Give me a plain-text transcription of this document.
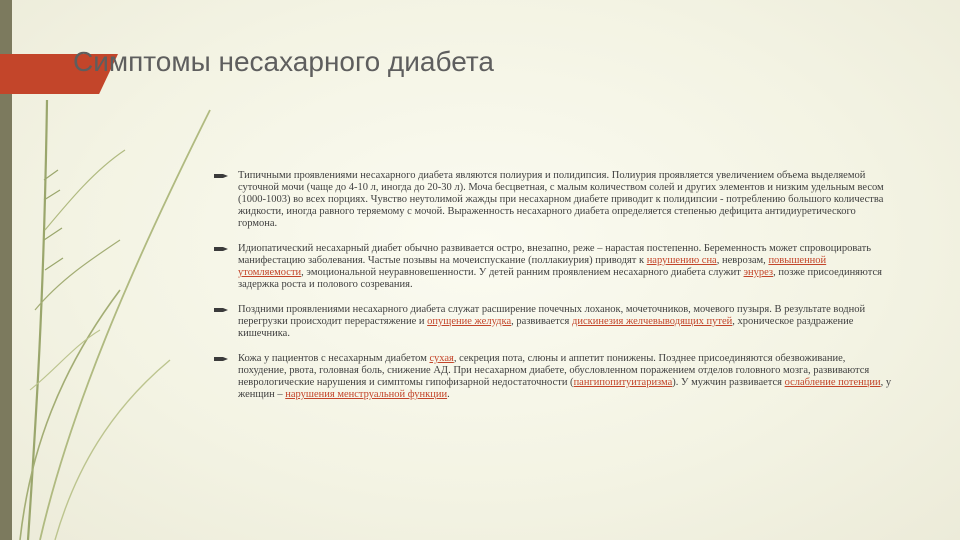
Симптомы несахарного диабета
Типичными проявлениями несахарного диабета являются полиурия и полидипсия. Полиурия проявляется увеличением объема выделяемой суточной мочи (чаще до 4-10 л, иногда до 20-30 л). Моча бесцветная, с малым количеством солей и других элементов и низким удельным весом (1000-1003) во всех порциях. Чувство неутолимой жажды при несахарном диабете приводит к полидипсии - потреблению большого количества жидкости, иногда равного теряемому с мочой. Выраженность несахарного диабета определяется степенью дефицита антидиуретического гормона.
Идиопатический несахарный диабет обычно развивается остро, внезапно, реже – нарастая постепенно. Беременность может спровоцировать манифестацию заболевания. Частые позывы на мочеиспускание (поллакиурия) приводят к нарушению сна, неврозам, повышенной утомляемости, эмоциональной неуравновешенности. У детей ранним проявлением несахарного диабета служит энурез, позже присоединяются задержка роста и полового созревания.
Поздними проявлениями несахарного диабета служат расширение почечных лоханок, мочеточников, мочевого пузыря. В результате водной перегрузки происходит перерастяжение и опущение желудка, развивается дискинезия желчевыводящих путей, хроническое раздражение кишечника.
Кожа у пациентов с несахарным диабетом сухая, секреция пота, слюны и аппетит понижены. Позднее присоединяются обезвоживание, похудение, рвота, головная боль, снижение АД. При несахарном диабете, обусловленном поражением отделов головного мозга, развиваются неврологические нарушения и симптомы гипофизарной недостаточности (пангипопитуитаризма). У мужчин развивается ослабление потенции, у женщин – нарушения менструальной функции.
